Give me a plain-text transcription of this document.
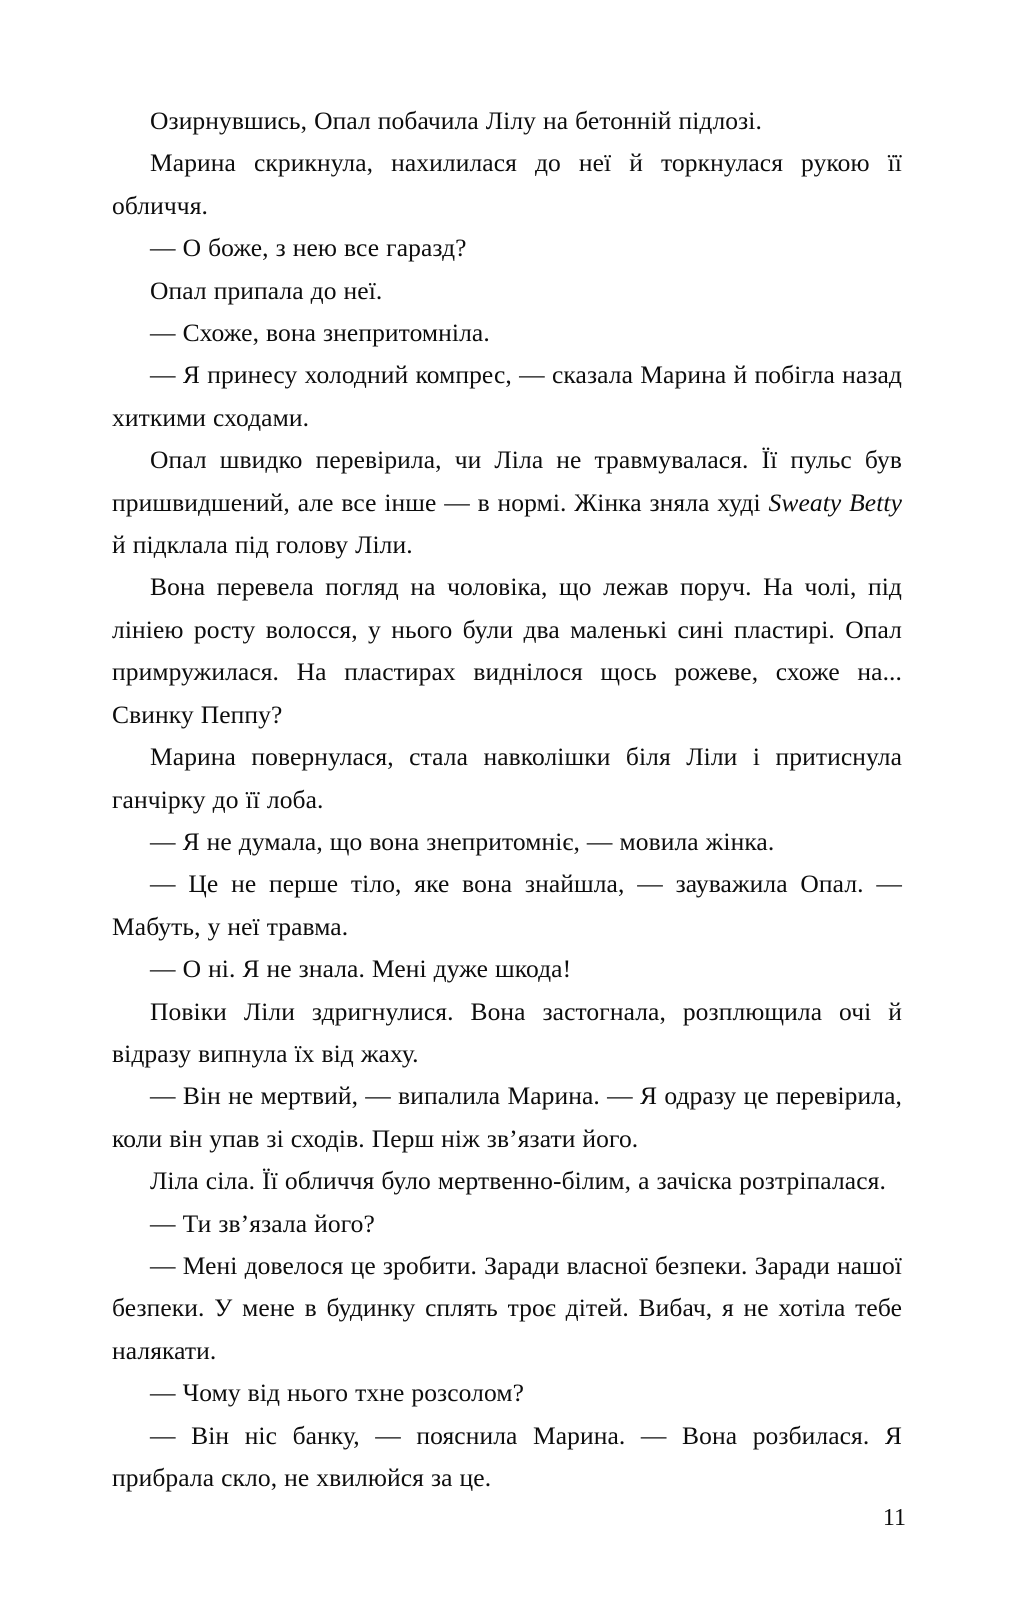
Озирнувшись, Опал побачила Лілу на бетонній підлозі.

Марина скрикнула, нахилилася до неї й торкнулася рукою її обличчя.

— О боже, з нею все гаразд?

Опал припала до неї.

— Схоже, вона знепритомніла.

— Я принесу холодний компрес, — сказала Марина й побігла назад хиткими сходами.

Опал швидко перевірила, чи Ліла не травмувалася. Її пульс був пришвидшений, але все інше — в нормі. Жінка зняла худі Sweaty Betty й підклала під голову Ліли.

Вона перевела погляд на чоловіка, що лежав поруч. На чолі, під лініею росту волосся, у нього були два маленькі сині пластирі. Опал примружилася. На пластирах виднілося щось рожеве, схоже на... Свинку Пеппу?

Марина повернулася, стала навколішки біля Ліли і притиснула ганчірку до її лоба.

— Я не думала, що вона знепритомніє, — мовила жінка.

— Це не перше тіло, яке вона знайшла, — зауважила Опал. — Мабуть, у неї травма.

— О ні. Я не знала. Мені дуже шкода!

Повіки Ліли здригнулися. Вона застогнала, розплющила очі й відразу випнула їх від жаху.

— Він не мертвий, — випалила Марина. — Я одразу це перевірила, коли він упав зі сходів. Перш ніж зв’язати його.

Ліла сіла. Її обличчя було мертвенно-білим, а зачіска розтріпалася.

— Ти зв’язала його?

— Мені довелося це зробити. Заради власної безпеки. Заради нашої безпеки. У мене в будинку сплять троє дітей. Вибач, я не хотіла тебе налякати.

— Чому від нього тхне розсолом?

— Він ніс банку, — пояснила Марина. — Вона розбилася. Я прибрала скло, не хвилюйся за це.

11
